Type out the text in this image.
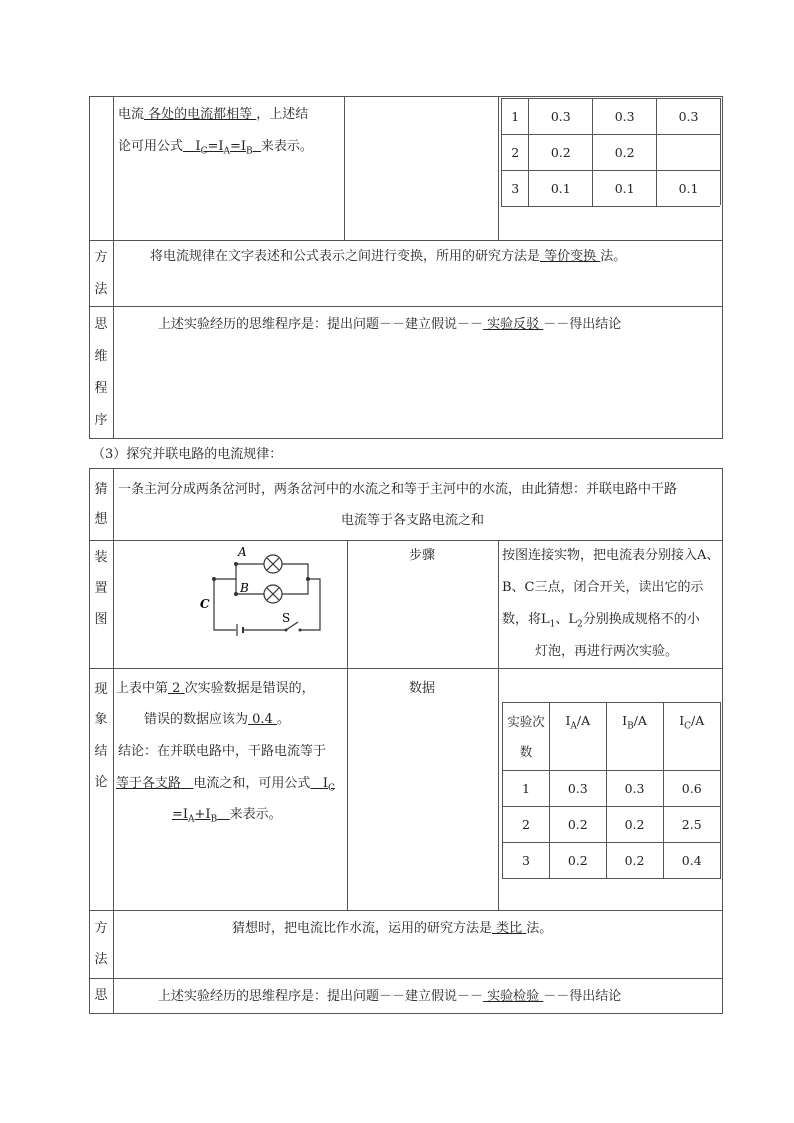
电流 各处的电流都相等 ，上述结
论可用公式 $I_C=I_A=I_B$ 来表示。
1	0.3	0.3	0.3
2	0.2	0.2	
3	0.1	0.1	0.1
方
法
将电流规律在文字表述和公式表示之间进行变换，所用的研究方法是 等价变换 法。
思
维
程
序
上述实验经历的思维程序是：提出问题－－建立假说－－ 实验反驳 －－得出结论
（3）探究并联电路的电流规律：
猜
想
一条主河分成两条岔河时，两条岔河中的水流之和等于主河中的水流，由此猜想：并联电路中干路
电流等于各支路电流之和
装
置
图
A
B
C
S
步骤	按图连接实物，把电流表分别接入A、
B、C三点，闭合开关，读出它的示
数，将$L_1$、$L_2$分别换成规格不的小
灯泡，再进行两次实验。
现
象
结
论
上表中第 2 次实验数据是错误的，
错误的数据应该为 0.4 。
结论：在并联电路中，干路电流等于
等于各支路 电流之和，可用公式 $I_C$
$=I_A+I_B$ 来表示。
数据
实验次
数	$I_A/A$	$I_B/A$	$I_C/A$
1	0.3	0.3	0.6
2	0.2	0.2	2.5
3	0.2	0.2	0.4
方
法
猜想时，把电流比作水流，运用的研究方法是 类比 法。
思	上述实验经历的思维程序是：提出问题－－建立假说－－ 实验检验 －－得出结论
